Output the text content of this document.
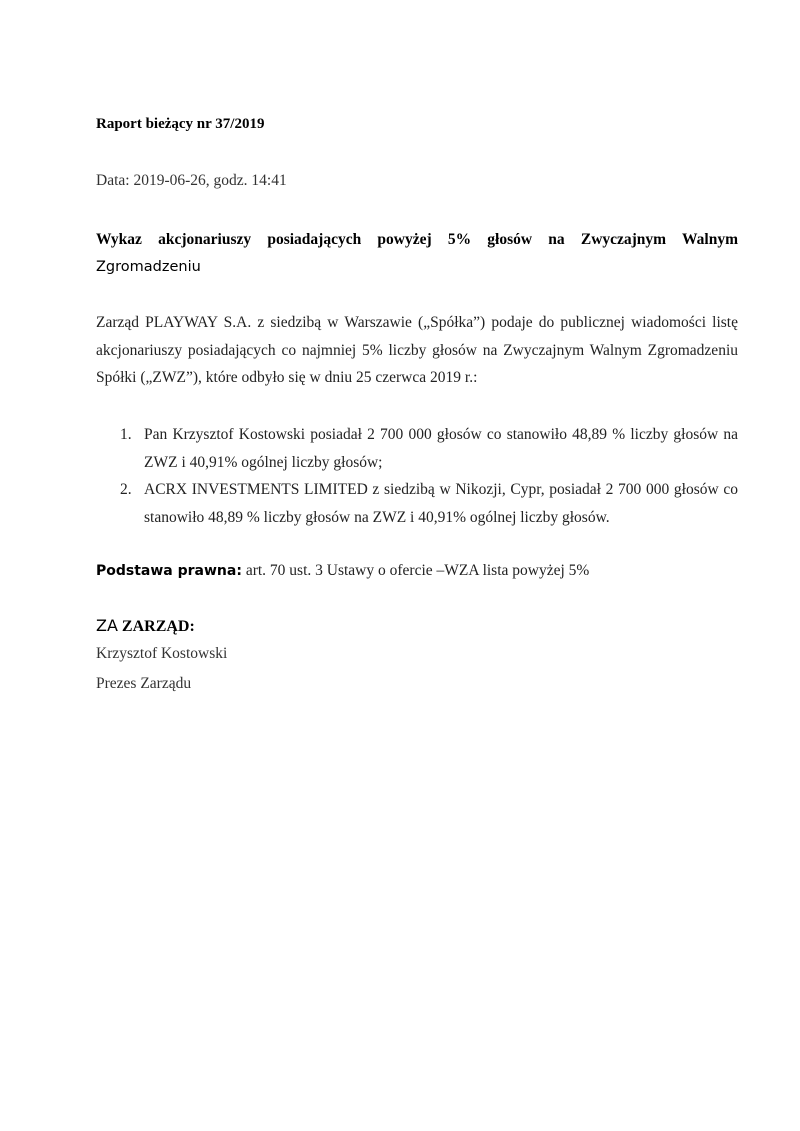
Raport bieżący nr 37/2019
Data: 2019-06-26, godz. 14:41
Wykaz akcjonariuszy posiadających powyżej 5% głosów na Zwyczajnym Walnym Zgromadzeniu
Zarząd PLAYWAY S.A. z siedzibą w Warszawie („Spółka”) podaje do publicznej wiadomości listę akcjonariuszy posiadających co najmniej 5% liczby głosów na Zwyczajnym Walnym Zgromadzeniu Spółki („ZWZ”), które odbyło się w dniu 25 czerwca 2019 r.:
1. Pan Krzysztof Kostowski posiadał 2 700 000 głosów co stanowiło 48,89 % liczby głosów na ZWZ i 40,91% ogólnej liczby głosów;
2. ACRX INVESTMENTS LIMITED z siedzibą w Nikozji, Cypr, posiadał 2 700 000 głosów co stanowiło 48,89 % liczby głosów na ZWZ i 40,91% ogólnej liczby głosów.
Podstawa prawna: art. 70 ust. 3 Ustawy o ofercie –WZA lista powyżej 5%
ZA ZARZĄD:
Krzysztof Kostowski
Prezes Zarządu
